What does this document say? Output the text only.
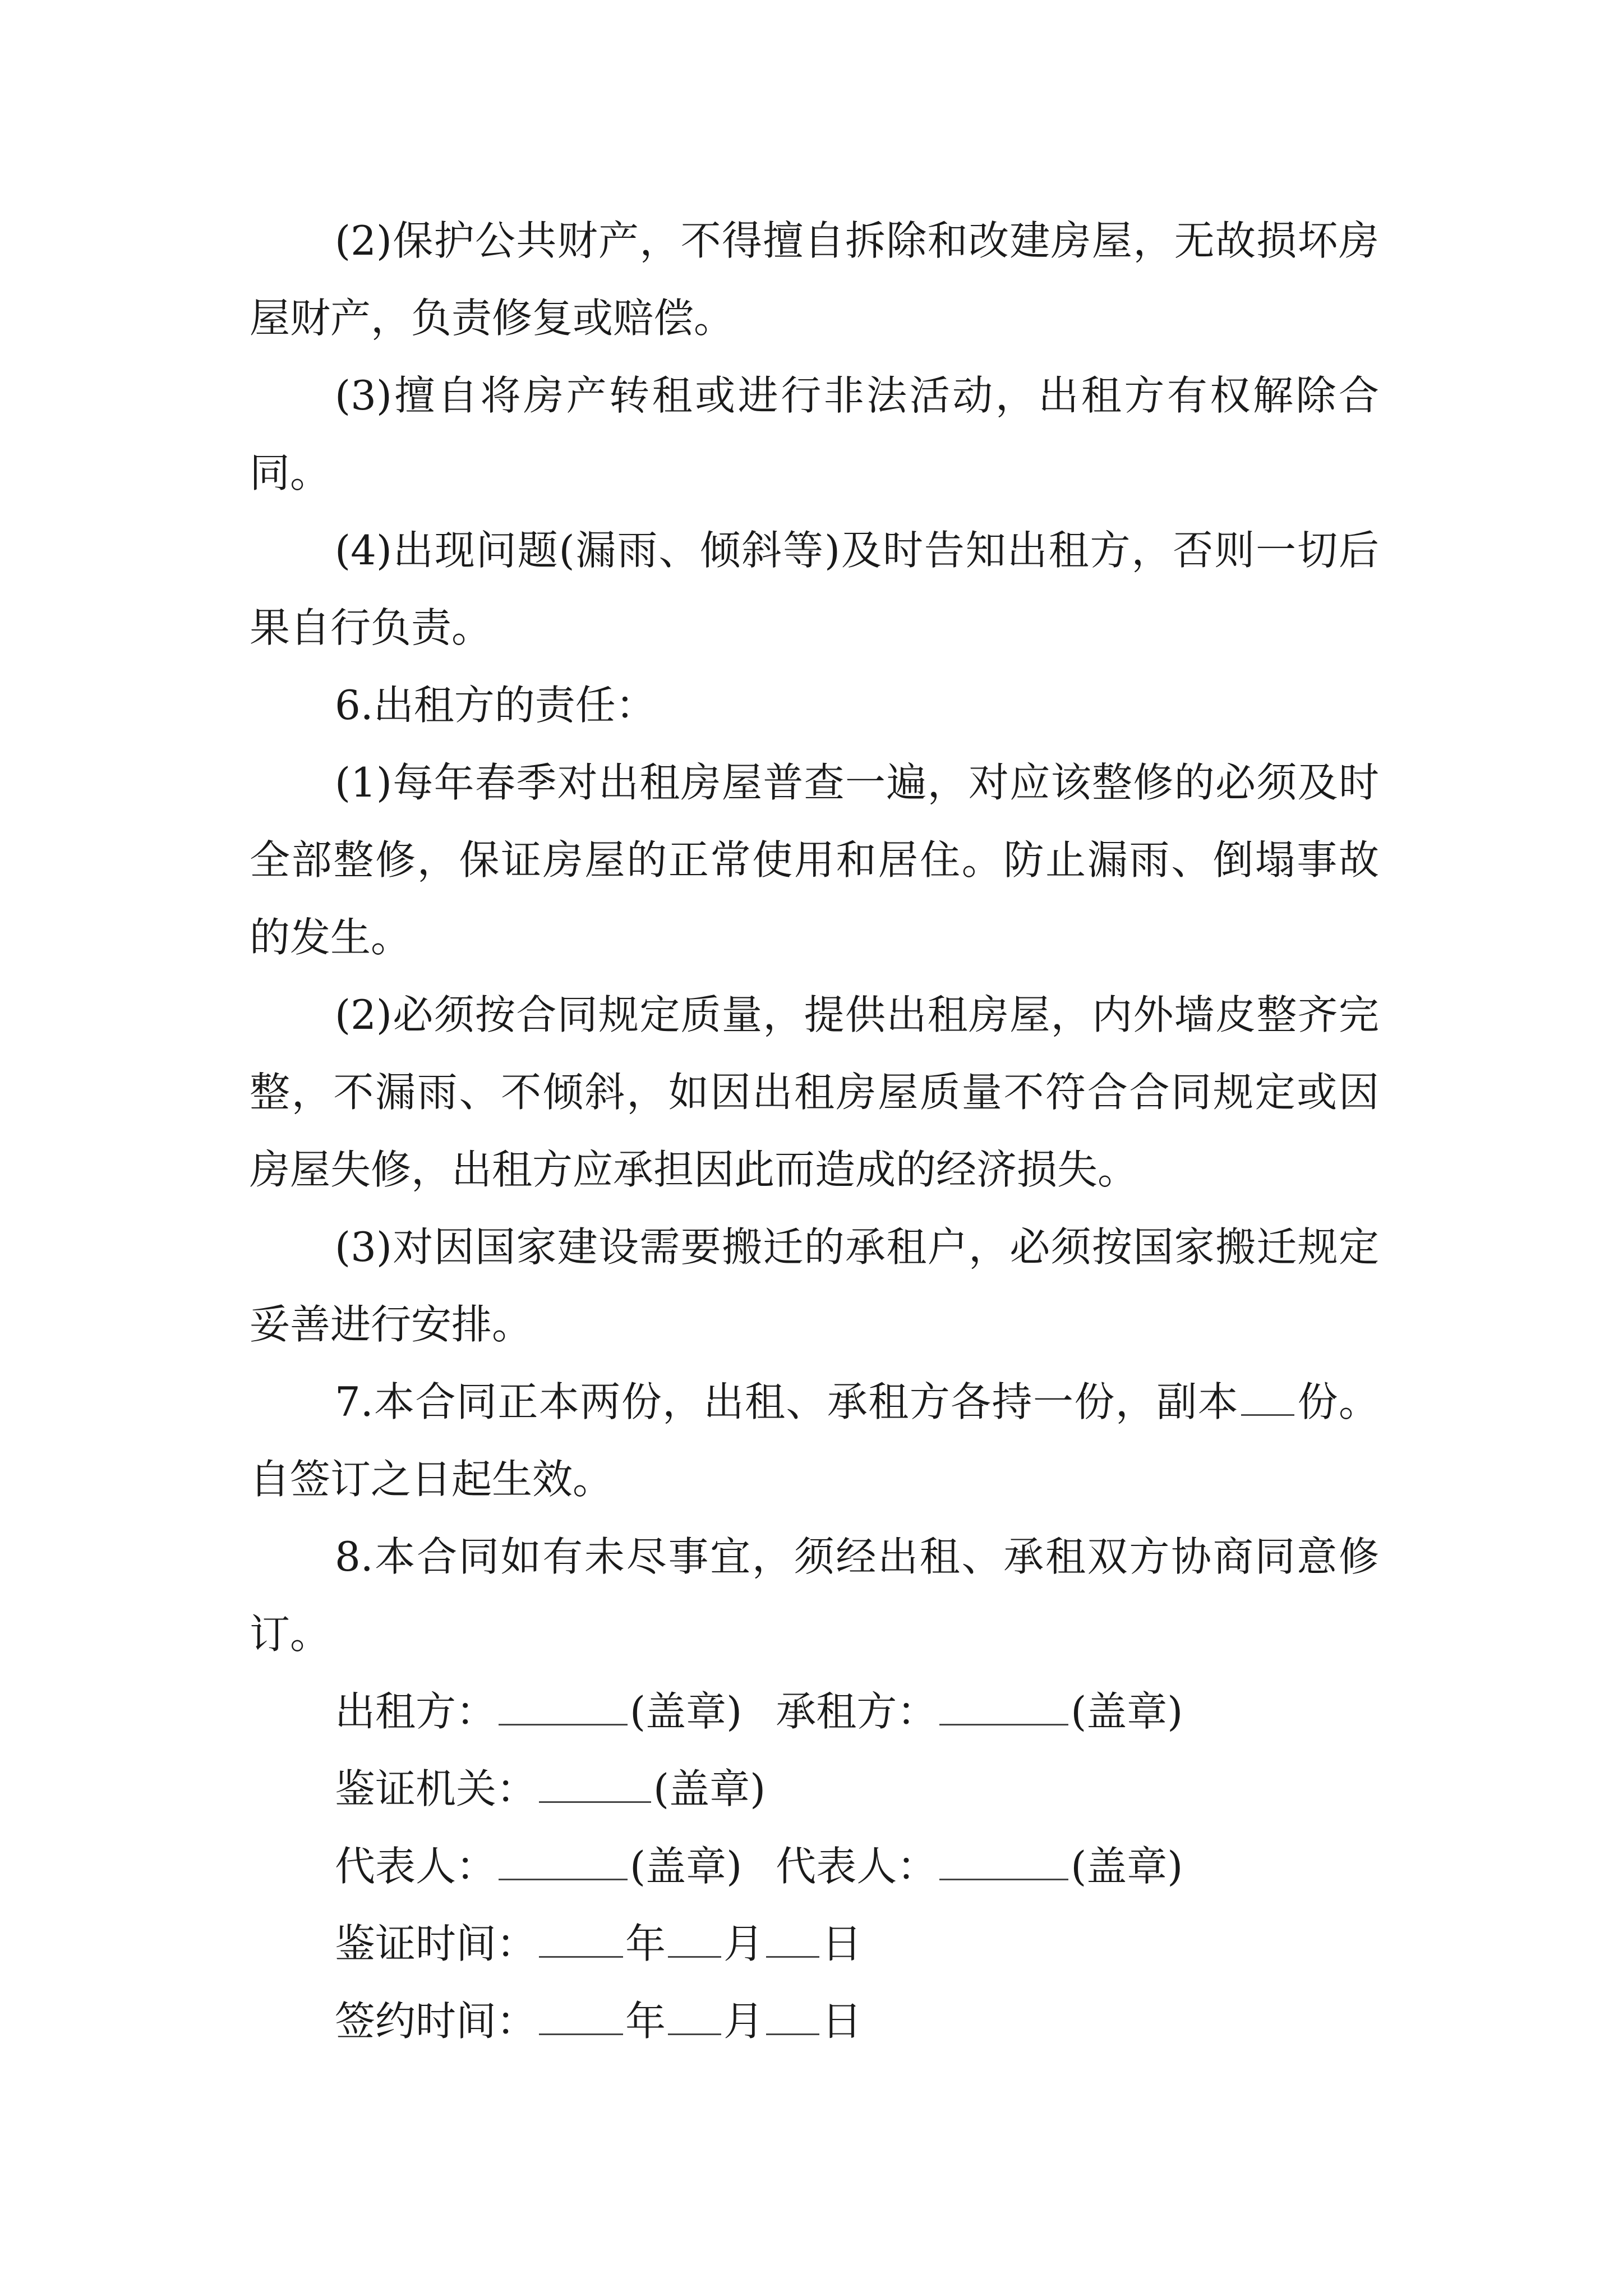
(2)保护公共财产，不得擅自拆除和改建房屋，无故损坏房屋财产，负责修复或赔偿。

(3)擅自将房产转租或进行非法活动，出租方有权解除合同。

(4)出现问题(漏雨、倾斜等)及时告知出租方，否则一切后果自行负责。

6.出租方的责任：

(1)每年春季对出租房屋普查一遍，对应该整修的必须及时全部整修，保证房屋的正常使用和居住。防止漏雨、倒塌事故的发生。

(2)必须按合同规定质量，提供出租房屋，内外墙皮整齐完整，不漏雨、不倾斜，如因出租房屋质量不符合合同规定或因房屋失修，出租方应承担因此而造成的经济损失。

(3)对因国家建设需要搬迁的承租户，必须按国家搬迁规定妥善进行安排。

7.本合同正本两份，出租、承租方各持一份，副本 份。自签订之日起生效。

8.本合同如有未尽事宜，须经出租、承租双方协商同意修订。

出租方：	(盖章) 承租方：	(盖章)

鉴证机关：	(盖章)

代表人：	(盖章) 代表人：	(盖章)

鉴证时间： 年 月 日

签约时间： 年 月 日
